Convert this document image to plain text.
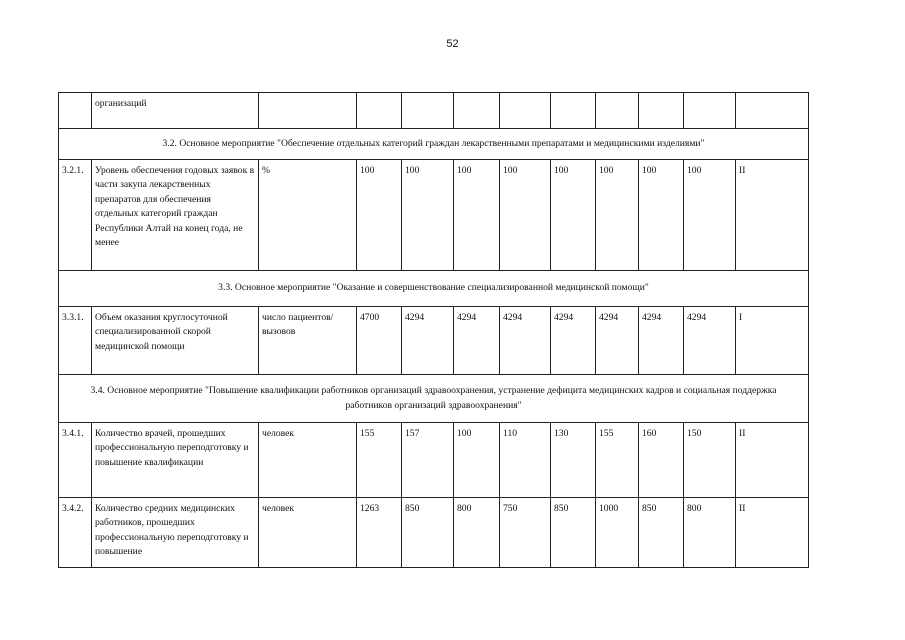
52
	организаций										
3.2. Основное мероприятие "Обеспечение отдельных категорий граждан лекарственными препаратами и медицинскими изделиями"											
3.2.1.	Уровень обеспечения годовых заявок в части закупа лекарственных препаратов для обеспечения отдельных категорий граждан Республики Алтай на конец года, не менее	%	100	100	100	100	100	100	100	100	II
3.3. Основное мероприятие "Оказание и совершенствование специализированной медицинской помощи"											
3.3.1.	Объем оказания круглосуточной специализированной скорой медицинской помощи	число пациентов/вызовов	4700	4294	4294	4294	4294	4294	4294	4294	I
3.4. Основное мероприятие "Повышение квалификации работников организаций здравоохранения, устранение дефицита медицинских кадров и социальная поддержка работников организаций здравоохранения"											
3.4.1.	Количество врачей, прошедших профессиональную переподготовку и повышение квалификации	человек	155	157	100	110	130	155	160	150	II
3.4.2.	Количество средних медицинских работников, прошедших профессиональную переподготовку и повышение	человек	1263	850	800	750	850	1000	850	800	II
